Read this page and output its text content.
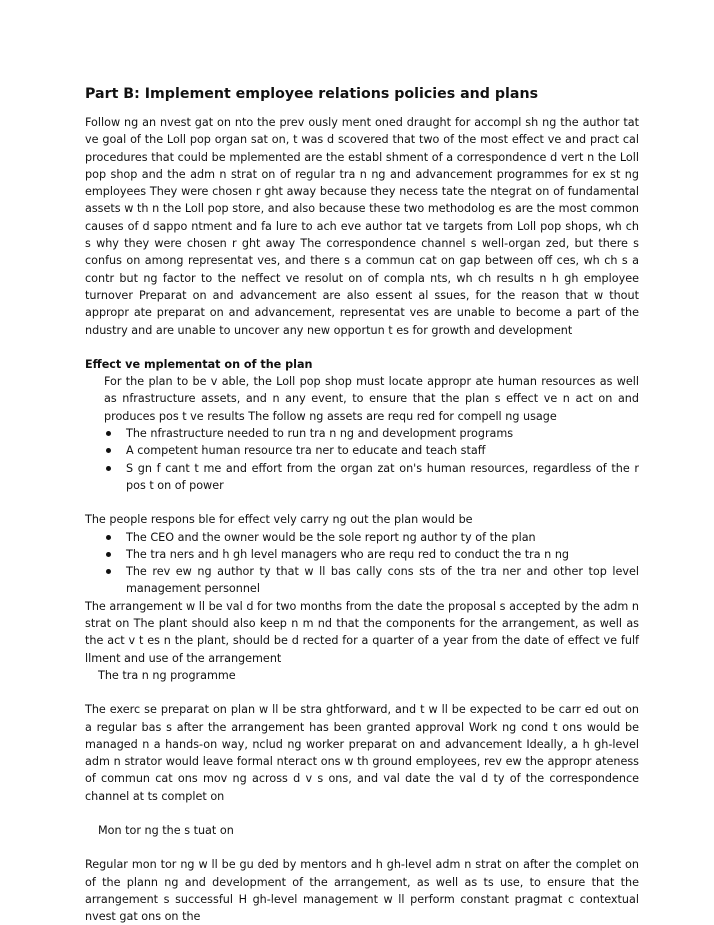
Part B: Implement employee relations policies and plans

Follow ng an nvest gat on nto the prev ously ment oned draught for accompl sh ng the author tat ve goal of the Loll pop organ sat on, t was d scovered that two of the most effect ve and pract cal procedures that could be mplemented are the establ shment of a correspondence d vert n the Loll pop shop and the adm n strat on of regular tra n ng and advancement programmes for ex st ng employees They were chosen r ght away because they necess tate the ntegrat on of fundamental assets w th n the Loll pop store, and also because these two methodolog es are the most common causes of d sappo ntment and fa lure to ach eve author tat ve targets from Loll pop shops, wh ch s why they were chosen r ght away The correspondence channel s well-organ zed, but there s confus on among representat ves, and there s a commun cat on gap between off ces, wh ch s a contr but ng factor to the neffect ve resolut on of compla nts, wh ch results n h gh employee turnover Preparat on and advancement are also essent al ssues, for the reason that w thout appropr ate preparat on and advancement, representat ves are unable to become a part of the ndustry and are unable to uncover any new opportun t es for growth and development

Effect ve mplementat on of the plan

For the plan to be v able, the Loll pop shop must locate appropr ate human resources as well as nfrastructure assets, and n any event, to ensure that the plan s effect ve n act on and produces pos t ve results The follow ng assets are requ red for compell ng usage

The nfrastructure needed to run tra n ng and development programs
A competent human resource tra ner to educate and teach staff
S gn f cant t me and effort from the organ zat on's human resources, regardless of the r pos t on of power

The people respons ble for effect vely carry ng out the plan would be

The CEO and the owner would be the sole report ng author ty of the plan
The tra ners and h gh level managers who are requ red to conduct the tra n ng
The rev ew ng author ty that w ll bas cally cons sts of the tra ner and other top level management personnel

The arrangement w ll be val d for two months from the date the proposal s accepted by the adm n strat on The plant should also keep n m nd that the components for the arrangement, as well as the act v t es n the plant, should be d rected for a quarter of a year from the date of effect ve fulf llment and use of the arrangement

The tra n ng programme

The exerc se preparat on plan w ll be stra ghtforward, and t w ll be expected to be carr ed out on a regular bas s after the arrangement has been granted approval Work ng cond t ons would be managed n a hands-on way, nclud ng worker preparat on and advancement Ideally, a h gh-level adm n strator would leave formal nteract ons w th ground employees, rev ew the appropr ateness of commun cat ons mov ng across d v s ons, and val date the val d ty of the correspondence channel at ts complet on

Mon tor ng the s tuat on

Regular mon tor ng w ll be gu ded by mentors and h gh-level adm n strat on after the complet on of the plann ng and development of the arrangement, as well as ts use, to ensure that the arrangement s successful H gh-level management w ll perform constant pragmat c contextual nvest gat ons on the
